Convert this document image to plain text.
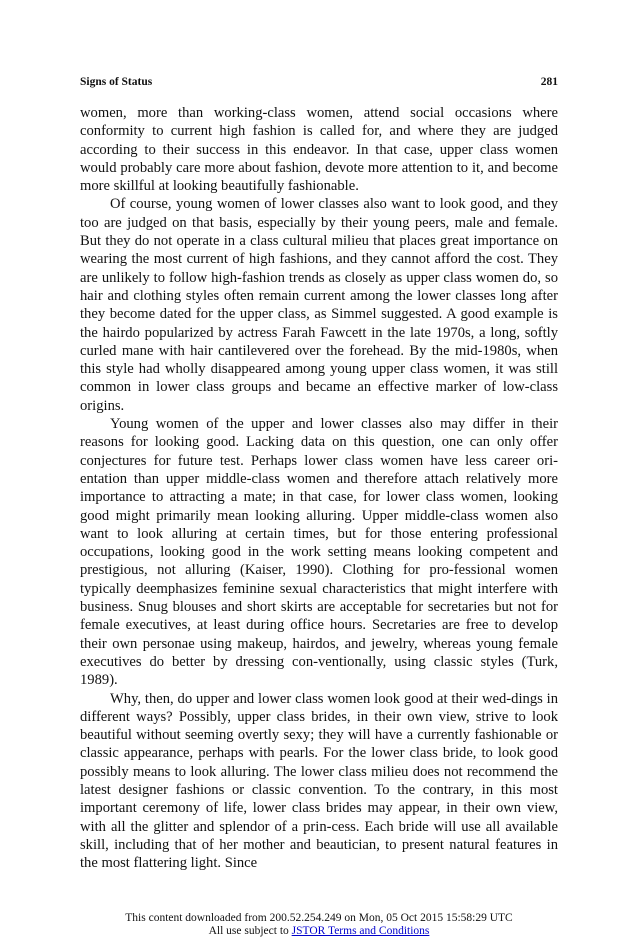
Signs of Status	281

women, more than working-class women, attend social occasions where conformity to current high fashion is called for, and where they are judged according to their success in this endeavor. In that case, upper class women would probably care more about fashion, devote more attention to it, and become more skillful at looking beautifully fashionable.

Of course, young women of lower classes also want to look good, and they too are judged on that basis, especially by their young peers, male and female. But they do not operate in a class cultural milieu that places great importance on wearing the most current of high fashions, and they cannot afford the cost. They are unlikely to follow high-fashion trends as closely as upper class women do, so hair and clothing styles often remain current among the lower classes long after they become dated for the upper class, as Simmel suggested. A good example is the hairdo popularized by actress Farah Fawcett in the late 1970s, a long, softly curled mane with hair cantilevered over the forehead. By the mid-1980s, when this style had wholly disappeared among young upper class women, it was still common in lower class groups and became an effective marker of low-class origins.

Young women of the upper and lower classes also may differ in their reasons for looking good. Lacking data on this question, one can only offer conjectures for future test. Perhaps lower class women have less career ori-entation than upper middle-class women and therefore attach relatively more importance to attracting a mate; in that case, for lower class women, looking good might primarily mean looking alluring. Upper middle-class women also want to look alluring at certain times, but for those entering professional occupations, looking good in the work setting means looking competent and prestigious, not alluring (Kaiser, 1990). Clothing for pro-fessional women typically deemphasizes feminine sexual characteristics that might interfere with business. Snug blouses and short skirts are acceptable for secretaries but not for female executives, at least during office hours. Secretaries are free to develop their own personae using makeup, hairdos, and jewelry, whereas young female executives do better by dressing con-ventionally, using classic styles (Turk, 1989).

Why, then, do upper and lower class women look good at their wed-dings in different ways? Possibly, upper class brides, in their own view, strive to look beautiful without seeming overtly sexy; they will have a currently fashionable or classic appearance, perhaps with pearls. For the lower class bride, to look good possibly means to look alluring. The lower class milieu does not recommend the latest designer fashions or classic convention. To the contrary, in this most important ceremony of life, lower class brides may appear, in their own view, with all the glitter and splendor of a prin-cess. Each bride will use all available skill, including that of her mother and beautician, to present natural features in the most flattering light. Since

This content downloaded from 200.52.254.249 on Mon, 05 Oct 2015 15:58:29 UTC
All use subject to JSTOR Terms and Conditions
